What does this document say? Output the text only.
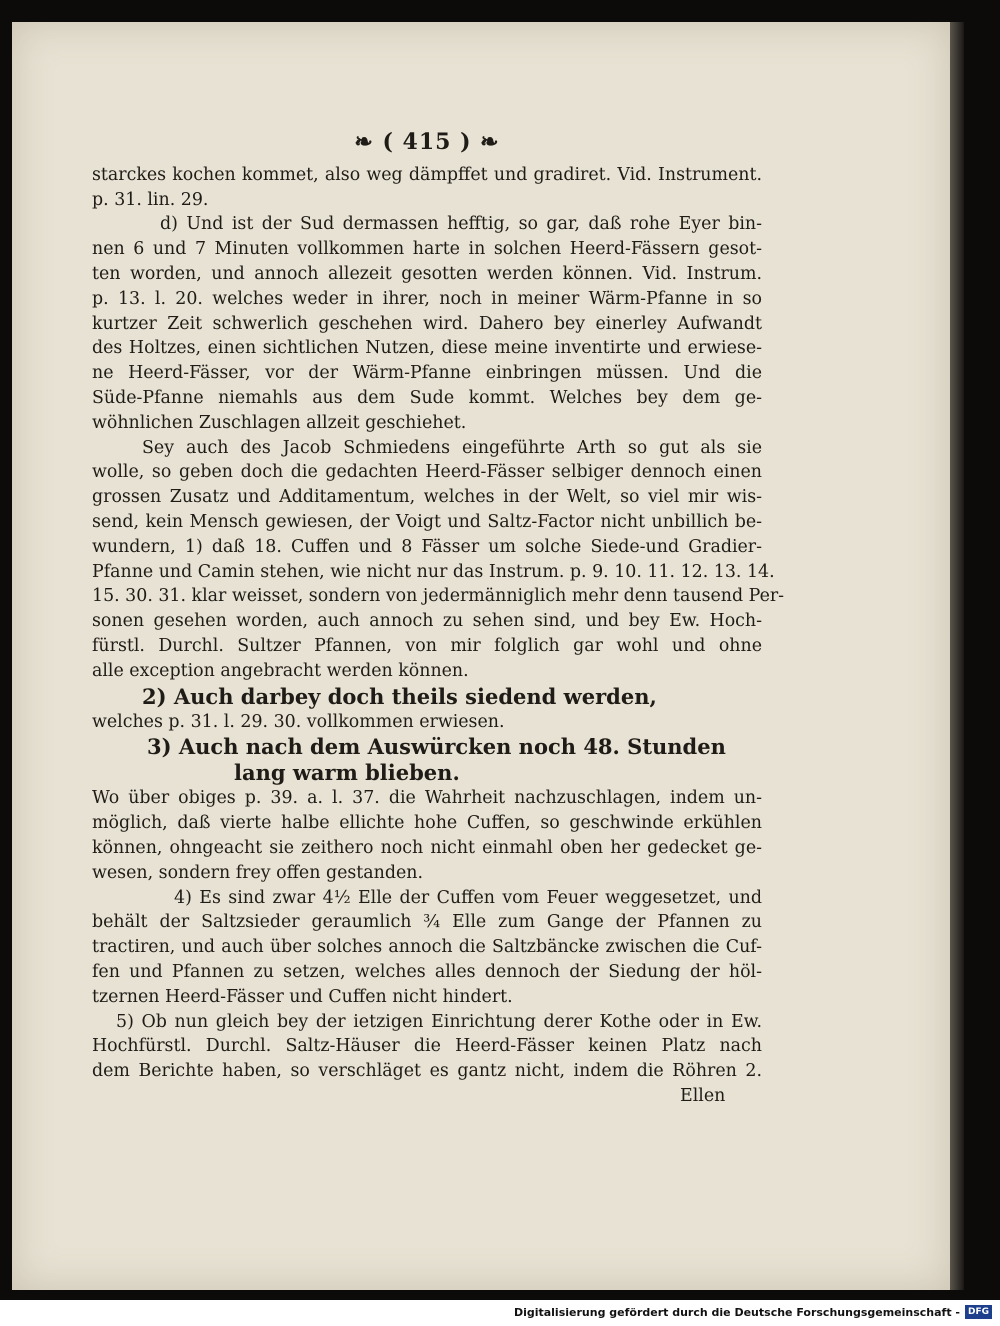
❧ ( 415 ) ❧
starckes kochen kommet, also weg dämpffet und gradiret. Vid. Instrument.
p. 31. lin. 29.
d) Und ist der Sud dermassen hefftig, so gar, daß rohe Eyer bin-
nen 6 und 7 Minuten vollkommen harte in solchen Heerd-Fässern gesot-
ten worden, und annoch allezeit gesotten werden können. Vid. Instrum.
p. 13. l. 20. welches weder in ihrer, noch in meiner Wärm-Pfanne in so
kurtzer Zeit schwerlich geschehen wird. Dahero bey einerley Aufwandt
des Holtzes, einen sichtlichen Nutzen, diese meine inventirte und erwiese-
ne Heerd-Fässer, vor der Wärm-Pfanne einbringen müssen. Und die
Süde-Pfanne niemahls aus dem Sude kommt. Welches bey dem ge-
wöhnlichen Zuschlagen allzeit geschiehet.
Sey auch des Jacob Schmiedens eingeführte Arth so gut als sie
wolle, so geben doch die gedachten Heerd-Fässer selbiger dennoch einen
grossen Zusatz und Additamentum, welches in der Welt, so viel mir wis-
send, kein Mensch gewiesen, der Voigt und Saltz-Factor nicht unbillich be-
wundern, 1) daß 18. Cuffen und 8 Fässer um solche Siede-und Gradier-
Pfanne und Camin stehen, wie nicht nur das Instrum. p. 9. 10. 11. 12. 13. 14.
15. 30. 31. klar weisset, sondern von jedermänniglich mehr denn tausend Per-
sonen gesehen worden, auch annoch zu sehen sind, und bey Ew. Hoch-
fürstl. Durchl. Sultzer Pfannen, von mir folglich gar wohl und ohne
alle exception angebracht werden können.
2) Auch darbey doch theils siedend werden,
welches p. 31. l. 29. 30. vollkommen erwiesen.
3) Auch nach dem Auswürcken noch 48. Stunden
lang warm blieben.
Wo über obiges p. 39. a. l. 37. die Wahrheit nachzuschlagen, indem un-
möglich, daß vierte halbe ellichte hohe Cuffen, so geschwinde erkühlen
können, ohngeacht sie zeithero noch nicht einmahl oben her gedecket ge-
wesen, sondern frey offen gestanden.
4) Es sind zwar 4½ Elle der Cuffen vom Feuer weggesetzet, und
behält der Saltzsieder geraumlich ¾ Elle zum Gange der Pfannen zu
tractiren, und auch über solches annoch die Saltzbäncke zwischen die Cuf-
fen und Pfannen zu setzen, welches alles dennoch der Siedung der höl-
tzernen Heerd-Fässer und Cuffen nicht hindert.
5) Ob nun gleich bey der ietzigen Einrichtung derer Kothe oder in Ew.
Hochfürstl. Durchl. Saltz-Häuser die Heerd-Fässer keinen Platz nach
dem Berichte haben, so verschläget es gantz nicht, indem die Röhren 2.
Ellen
Digitalisierung gefördert durch die Deutsche Forschungsgemeinschaft - DFG
